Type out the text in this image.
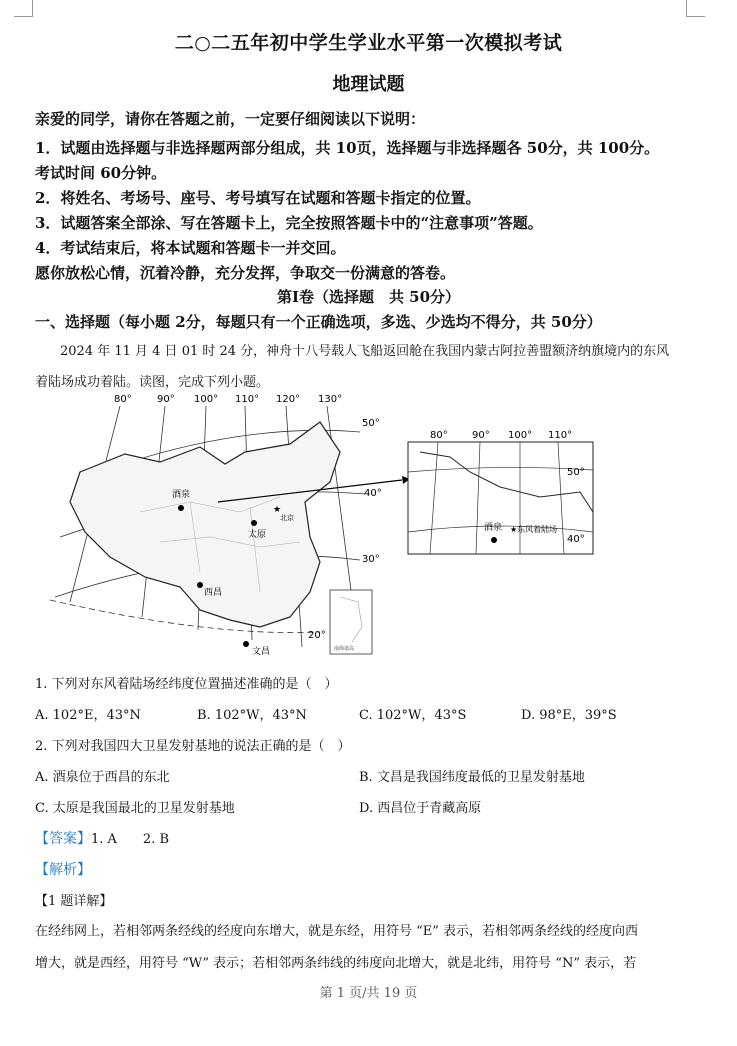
二○二五年初中学生学业水平第一次模拟考试
地理试题
亲爱的同学，请你在答题之前，一定要仔细阅读以下说明：
1．试题由选择题与非选择题两部分组成，共 10页，选择题与非选择题各 50分，共 100分。
考试时间 60分钟。
2．将姓名、考场号、座号、考号填写在试题和答题卡指定的位置。
3．试题答案全部涂、写在答题卡上，完全按照答题卡中的“注意事项”答题。
4．考试结束后，将本试题和答题卡一并交回。
愿你放松心情，沉着冷静，充分发挥，争取交一份满意的答卷。
第Ⅰ卷（选择题　共 50分）
一、选择题（每小题 2分，每题只有一个正确选项，多选、少选均不得分，共 50分）
2024 年 11 月 4 日 01 时 24 分，神舟十八号载人飞船返回舱在我国内蒙古阿拉善盟额济纳旗境内的东风
着陆场成功着陆。读图，完成下列小题。
南海诸岛
80°	90° 100° 110° 120° 130°
50°
40°
30°
20°
酒泉
★
北京
太原
西昌
文昌
80° 90° 100° 110°
50°
40°
酒泉 ★东风着陆场
1. 下列对东风着陆场经纬度位置描述准确的是（　）
A. 102°E，43°N	B. 102°W，43°N	C. 102°W，43°S	D. 98°E，39°S
2. 下列对我国四大卫星发射基地的说法正确的是（　）
A. 酒泉位于西昌的东北	B. 文昌是我国纬度最低的卫星发射基地
C. 太原是我国最北的卫星发射基地	D. 西昌位于青藏高原
【答案】1. A　　2. B
【解析】
【1 题详解】
在经纬网上，若相邻两条经线的经度向东增大，就是东经，用符号 “E” 表示，若相邻两条经线的经度向西
增大，就是西经，用符号 “W” 表示；若相邻两条纬线的纬度向北增大，就是北纬，用符号 “N” 表示，若
第 1 页/共 19 页
